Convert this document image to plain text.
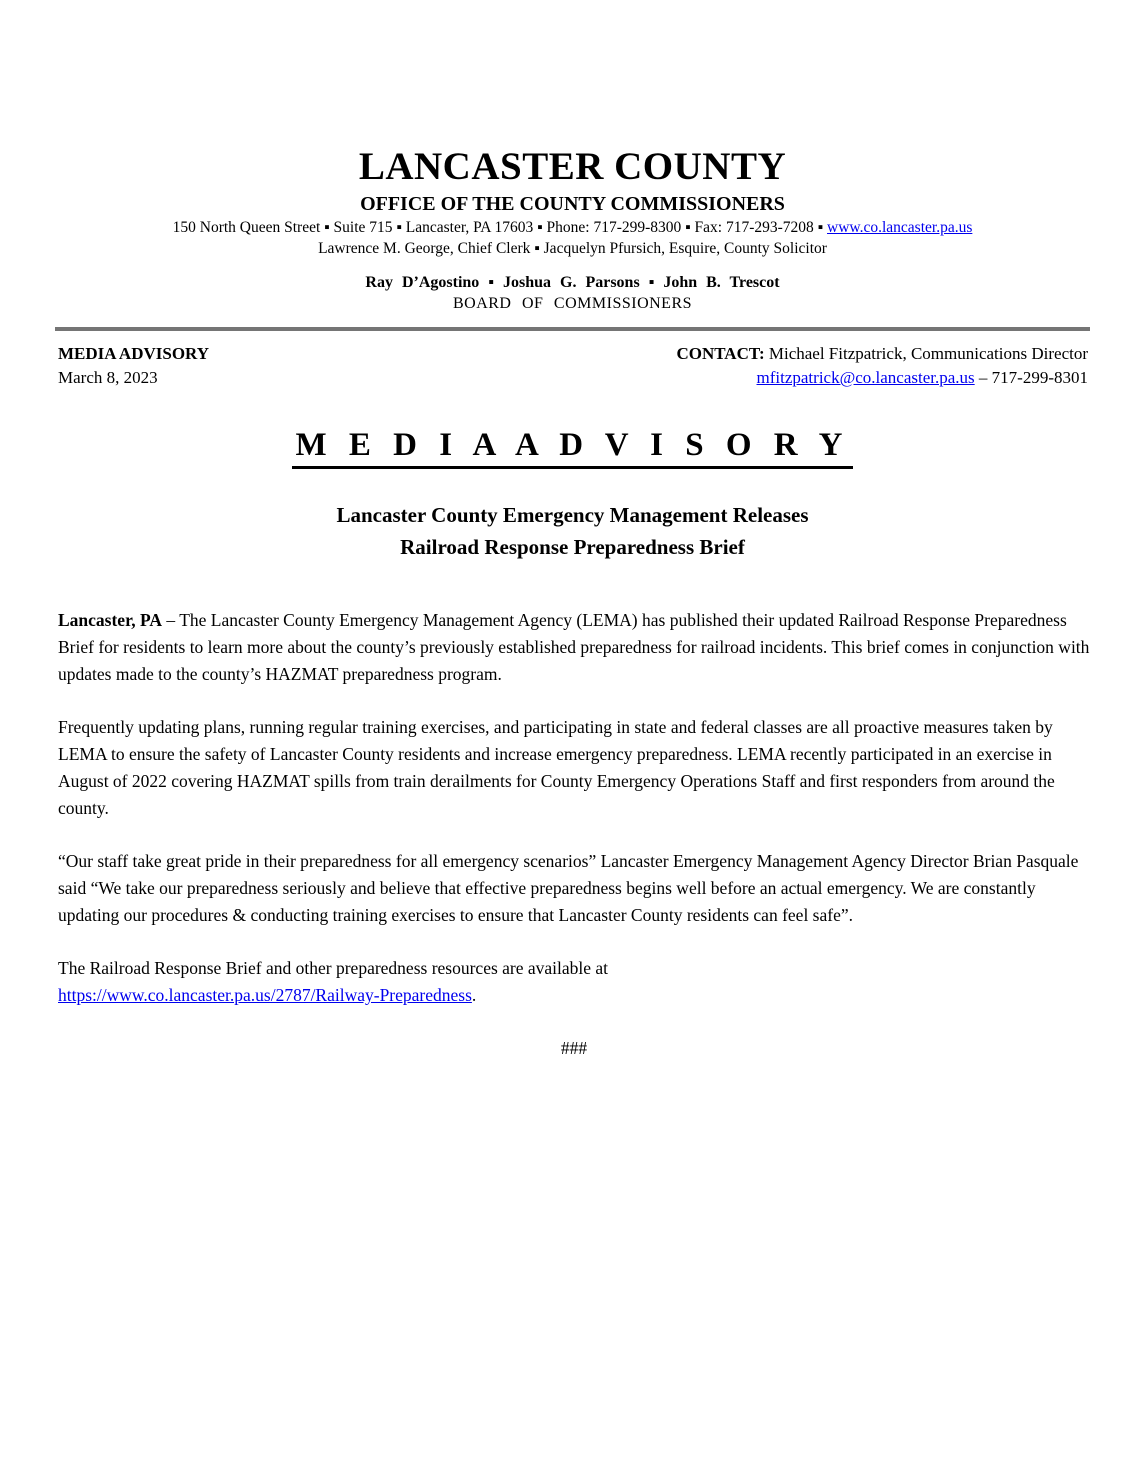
LANCASTER COUNTY
OFFICE OF THE COUNTY COMMISSIONERS
150 North Queen Street ▪ Suite 715 ▪ Lancaster, PA 17603 ▪ Phone: 717-299-8300 ▪ Fax: 717-293-7208 ▪ www.co.lancaster.pa.us
Lawrence M. George, Chief Clerk ▪ Jacquelyn Pfursich, Esquire, County Solicitor
Ray D’Agostino ▪ Joshua G. Parsons ▪ John B. Trescot
BOARD OF COMMISSIONERS
MEDIA ADVISORY
March 8, 2023
CONTACT: Michael Fitzpatrick, Communications Director
mfitzpatrick@co.lancaster.pa.us – 717-299-8301
M E D I A A D V I S O R Y
Lancaster County Emergency Management Releases
Railroad Response Preparedness Brief

Lancaster, PA – The Lancaster County Emergency Management Agency (LEMA) has published their updated Railroad Response Preparedness Brief for residents to learn more about the county’s previously established preparedness for railroad incidents. This brief comes in conjunction with updates made to the county’s HAZMAT preparedness program.

Frequently updating plans, running regular training exercises, and participating in state and federal classes are all proactive measures taken by LEMA to ensure the safety of Lancaster County residents and increase emergency preparedness. LEMA recently participated in an exercise in August of 2022 covering HAZMAT spills from train derailments for County Emergency Operations Staff and first responders from around the county.

“Our staff take great pride in their preparedness for all emergency scenarios” Lancaster Emergency Management Agency Director Brian Pasquale said “We take our preparedness seriously and believe that effective preparedness begins well before an actual emergency. We are constantly updating our procedures & conducting training exercises to ensure that Lancaster County residents can feel safe”.

The Railroad Response Brief and other preparedness resources are available at
https://www.co.lancaster.pa.us/2787/Railway-Preparedness.

###
